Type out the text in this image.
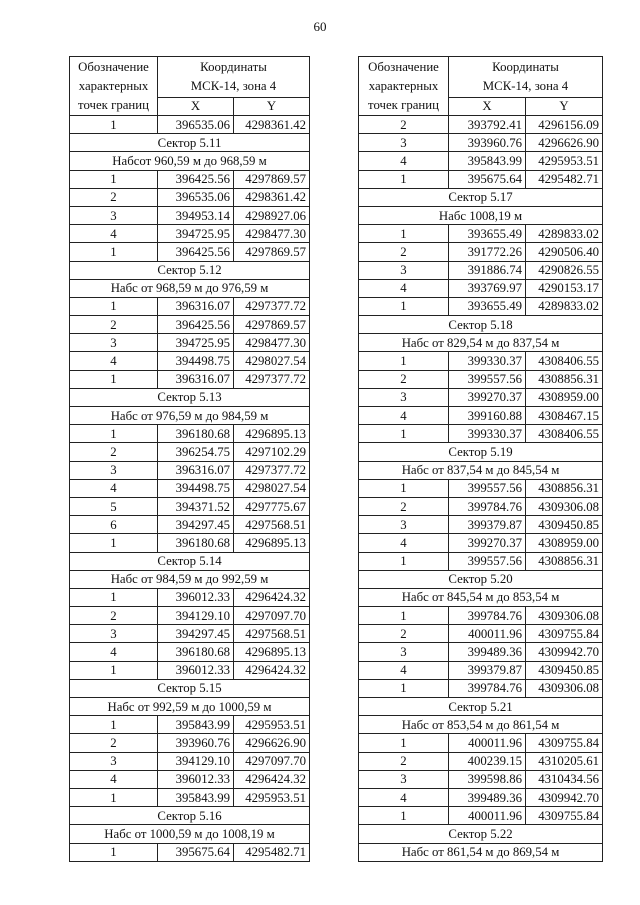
60
Обозначение
характерных
точек границ	Координаты
МСК-14, зона 4	

	X	Y
1	396535.06	4298361.42
Сектор 5.11		
Набсот 960,59 м до 968,59 м		
1	396425.56	4297869.57
2	396535.06	4298361.42
3	394953.14	4298927.06
4	394725.95	4298477.30
1	396425.56	4297869.57
Сектор 5.12		
Набс от 968,59 м до 976,59 м		
1	396316.07	4297377.72
2	396425.56	4297869.57
3	394725.95	4298477.30
4	394498.75	4298027.54
1	396316.07	4297377.72
Сектор 5.13		
Набс от 976,59 м до 984,59 м		
1	396180.68	4296895.13
2	396254.75	4297102.29
3	396316.07	4297377.72
4	394498.75	4298027.54
5	394371.52	4297775.67
6	394297.45	4297568.51
1	396180.68	4296895.13
Сектор 5.14		
Набс от 984,59 м до 992,59 м		
1	396012.33	4296424.32
2	394129.10	4297097.70
3	394297.45	4297568.51
4	396180.68	4296895.13
1	396012.33	4296424.32
Сектор 5.15		
Набс от 992,59 м до 1000,59 м		
1	395843.99	4295953.51
2	393960.76	4296626.90
3	394129.10	4297097.70
4	396012.33	4296424.32
1	395843.99	4295953.51
Сектор 5.16		
Набс от 1000,59 м до 1008,19 м		
1	395675.64	4295482.71
Обозначение
характерных
точек границ	Координаты
МСК-14, зона 4	

	X	Y
2	393792.41	4296156.09
3	393960.76	4296626.90
4	395843.99	4295953.51
1	395675.64	4295482.71
Сектор 5.17		
Набс 1008,19 м		
1	393655.49	4289833.02
2	391772.26	4290506.40
3	391886.74	4290826.55
4	393769.97	4290153.17
1	393655.49	4289833.02
Сектор 5.18		
Набс от 829,54 м до 837,54 м		
1	399330.37	4308406.55
2	399557.56	4308856.31
3	399270.37	4308959.00
4	399160.88	4308467.15
1	399330.37	4308406.55
Сектор 5.19		
Набс от 837,54 м до 845,54 м		
1	399557.56	4308856.31
2	399784.76	4309306.08
3	399379.87	4309450.85
4	399270.37	4308959.00
1	399557.56	4308856.31
Сектор 5.20		
Набс от 845,54 м до 853,54 м		
1	399784.76	4309306.08
2	400011.96	4309755.84
3	399489.36	4309942.70
4	399379.87	4309450.85
1	399784.76	4309306.08
Сектор 5.21		
Набс от 853,54 м до 861,54 м		
1	400011.96	4309755.84
2	400239.15	4310205.61
3	399598.86	4310434.56
4	399489.36	4309942.70
1	400011.96	4309755.84
Сектор 5.22		
Набс от 861,54 м до 869,54 м		
